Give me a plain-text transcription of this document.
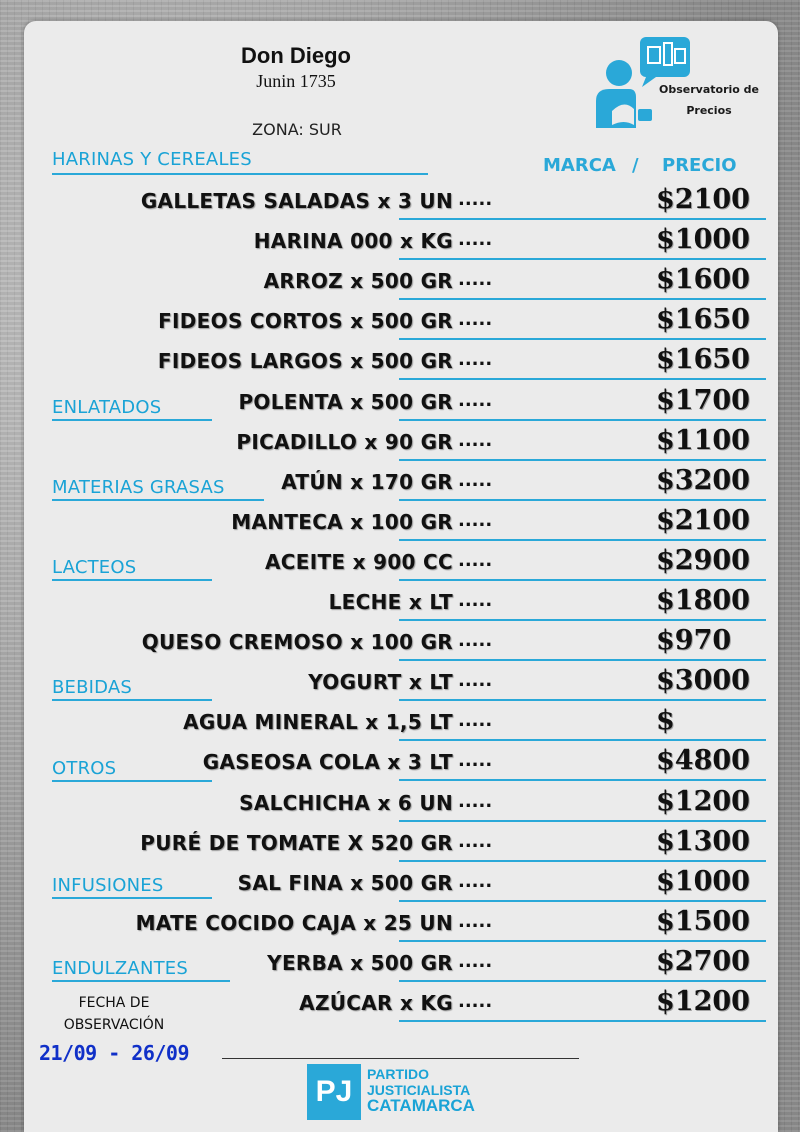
Don Diego
Junin 1735
ZONA: SUR
Observatorio de
Precios
MARCA / PRECIO
HARINAS Y CEREALES
ENLATADOS
MATERIAS GRASAS
LACTEOS
BEBIDAS
OTROS
INFUSIONES
ENDULZANTES
GALLETAS SALADAS x 3 UN .....	$2100
HARINA 000 x KG .....	$1000
ARROZ x 500 GR .....	$1600
FIDEOS CORTOS x 500 GR .....	$1650
FIDEOS LARGOS x 500 GR .....	$1650
POLENTA x 500 GR .....	$1700
PICADILLO x 90 GR .....	$1100
ATÚN x 170 GR .....	$3200
MANTECA x 100 GR .....	$2100
ACEITE x 900 CC .....	$2900
LECHE x LT .....	$1800
QUESO CREMOSO x 100 GR .....	$970
YOGURT x LT .....	$3000
AGUA MINERAL x 1,5 LT .....	$
GASEOSA COLA x 3 LT .....	$4800
SALCHICHA x 6 UN .....	$1200
PURÉ DE TOMATE X 520 GR .....	$1300
SAL FINA x 500 GR .....	$1000
MATE COCIDO CAJA x 25 UN .....	$1500
YERBA x 500 GR .....	$2700
AZÚCAR x KG .....	$1200
FECHA DE
OBSERVACIÓN
21/09 - 26/09
PJ
PARTIDO
JUSTICIALISTA
CATAMARCA
